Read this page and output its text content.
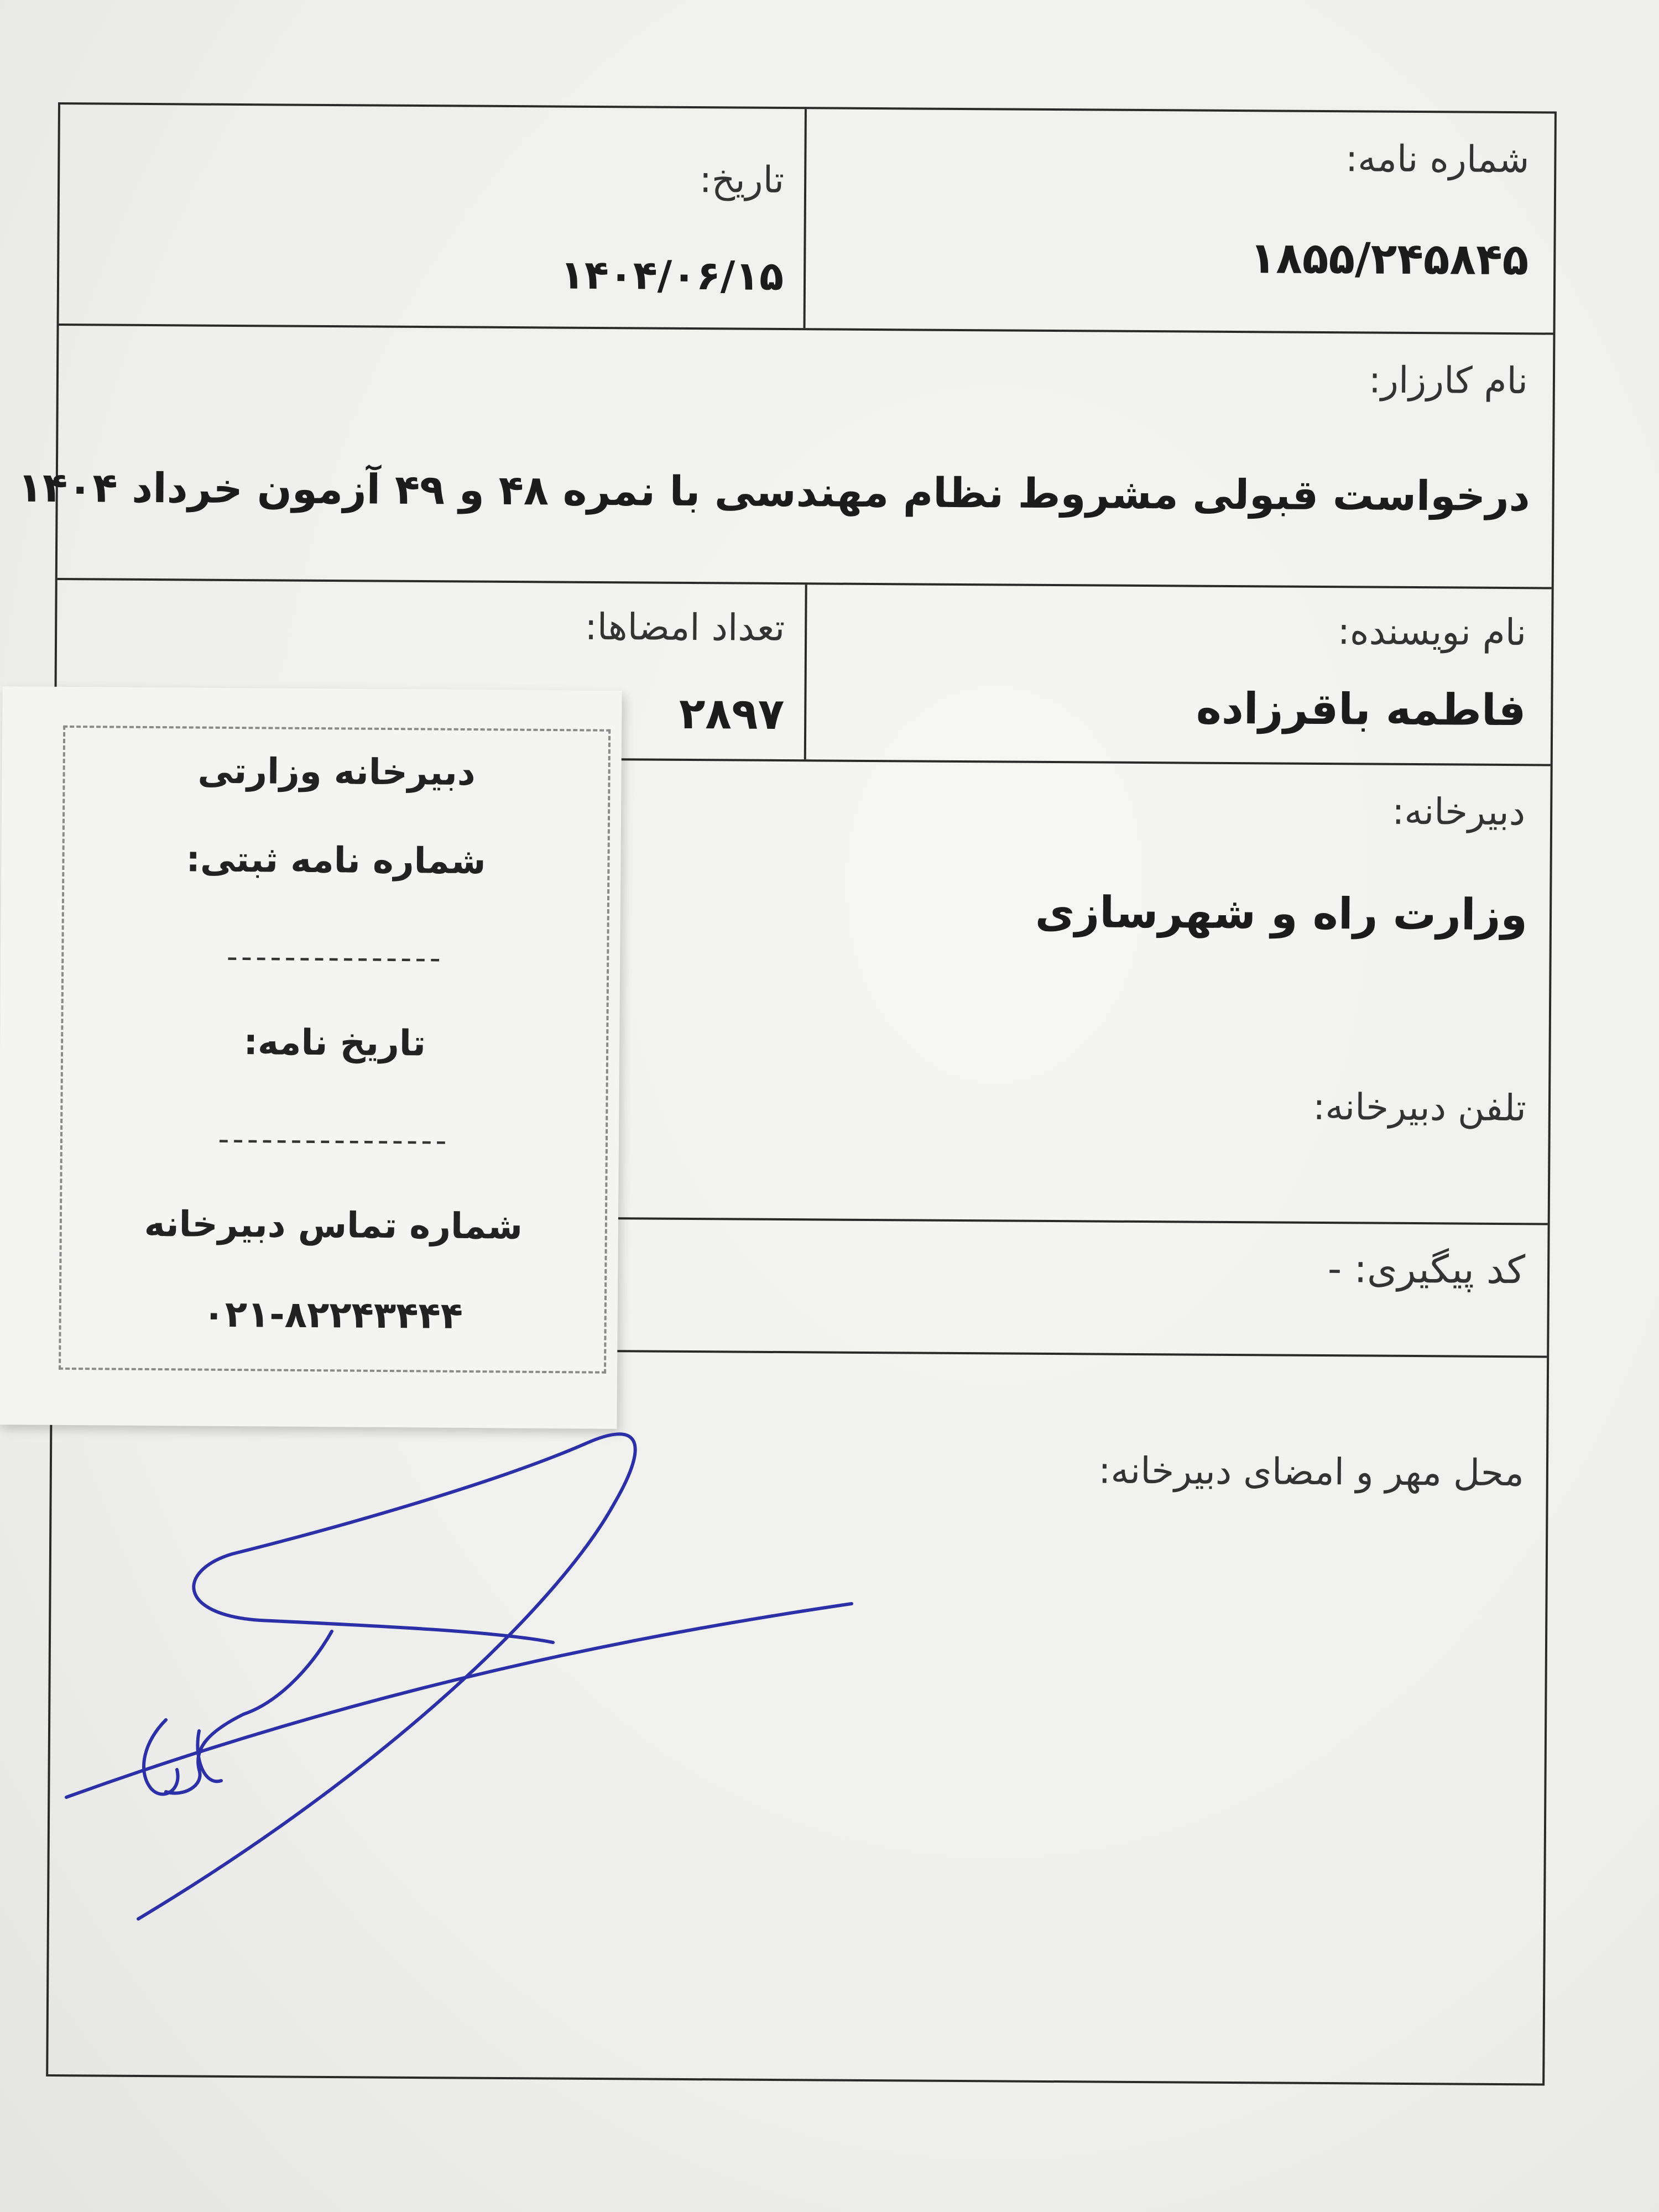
شماره نامه:
۱۸۵۵/۲۴۵۸۴۵
تاریخ:
۱۴۰۴/۰۶/۱۵
نام کارزار:
درخواست قبولی مشروط نظام مهندسی با نمره ۴۸ و ۴۹ آزمون خرداد ۱۴۰۴
نام نویسنده:
فاطمه باقرزاده
تعداد امضاها:
۲۸۹۷
دبیرخانه:
وزارت راه و شهرسازی
تلفن دبیرخانه:
کد پیگیری: -
محل مهر و امضای دبیرخانه:
دبیرخانه وزارتی
شماره نامه ثبتی:
---------------
تاریخ نامه:
----------------
شماره تماس دبیرخانه
۰۲۱-۸۲۲۴۳۴۴۴
